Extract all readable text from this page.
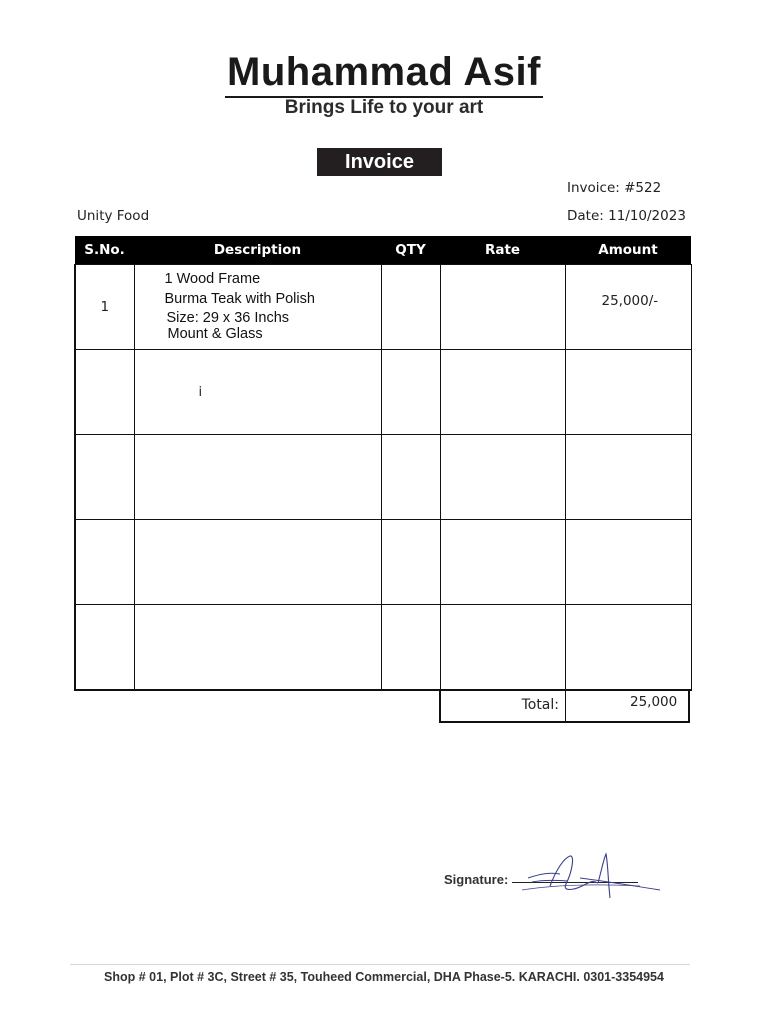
Muhammad Asif
Brings Life to your art
Invoice
Invoice: #522
Date: 11/10/2023
Unity Food
S.No.	Description	QTY	Rate	Amount

1	1 Wood Frame
Burma Teak with Polish
Size: 29 x 36 Inchs
Mount & Glass			25,000/-

	i			

Total:	25,000
Signature:
Shop # 01, Plot # 3C, Street # 35, Touheed Commercial, DHA Phase-5. KARACHI. 0301-3354954
